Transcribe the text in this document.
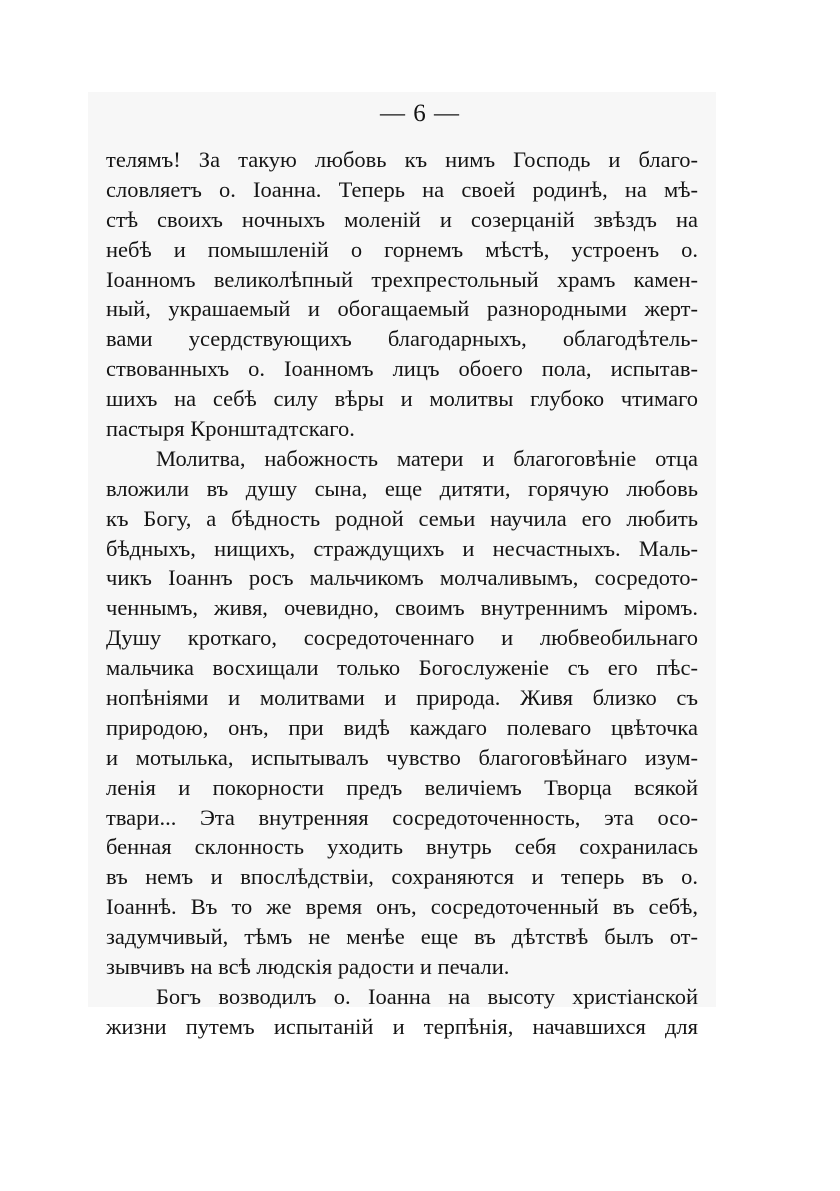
— 6 —
телямъ! За такую любовь къ нимъ Господь и благо-
словляетъ о. Іоанна. Теперь на своей родинѣ, на мѣ-
стѣ своихъ ночныхъ моленій и созерцаній звѣздъ на
небѣ и помышленій о горнемъ мѣстѣ, устроенъ о.
Іоанномъ великолѣпный трехпрестольный храмъ камен-
ный, украшаемый и обогащаемый разнородными жерт-
вами усердствующихъ благодарныхъ, облагодѣтель-
ствованныхъ о. Іоанномъ лицъ обоего пола, испытав-
шихъ на себѣ силу вѣры и молитвы глубоко чтимаго
пастыря Кронштадтскаго.
Молитва, набожность матери и благоговѣніе отца
вложили въ душу сына, еще дитяти, горячую любовь
къ Богу, а бѣдность родной семьи научила его любить
бѣдныхъ, нищихъ, страждущихъ и несчастныхъ. Маль-
чикъ Іоаннъ росъ мальчикомъ молчаливымъ, сосредото-
ченнымъ, живя, очевидно, своимъ внутреннимъ міромъ.
Душу кроткаго, сосредоточеннаго и любвеобильнаго
мальчика восхищали только Богослуженіе съ его пѣс-
нопѣніями и молитвами и природа. Живя близко съ
природою, онъ, при видѣ каждаго полеваго цвѣточка
и мотылька, испытывалъ чувство благоговѣйнаго изум-
ленія и покорности предъ величіемъ Творца всякой
твари... Эта внутренняя сосредоточенность, эта осо-
бенная склонность уходить внутрь себя сохранилась
въ немъ и впослѣдствіи, сохраняются и теперь въ о.
Іоаннѣ. Въ то же время онъ, сосредоточенный въ себѣ,
задумчивый, тѣмъ не менѣе еще въ дѣтствѣ былъ от-
зывчивъ на всѣ людскія радости и печали.
Богъ возводилъ о. Іоанна на высоту христіанской
жизни путемъ испытаній и терпѣнія, начавшихся для
